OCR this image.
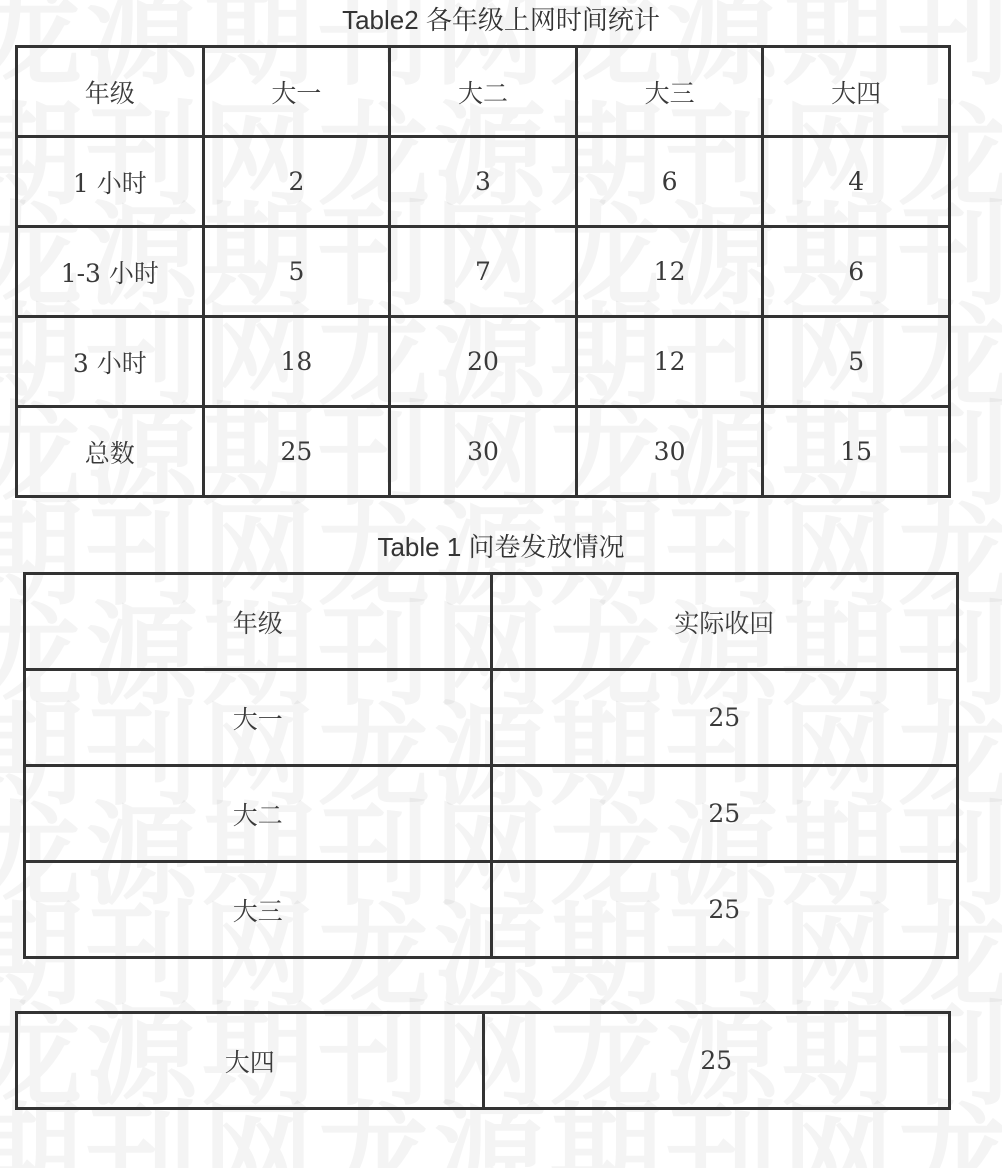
Table2 各年级上网时间统计
年级	大一	大二	大三	大四
1 小时	2	3	6	4
1-3 小时	5	7	12	6
3 小时	18	20	12	5
总数	25	30	30	15
Table 1 问卷发放情况
年级	实际收回
大一	25
大二	25
大三	25
大四	25
